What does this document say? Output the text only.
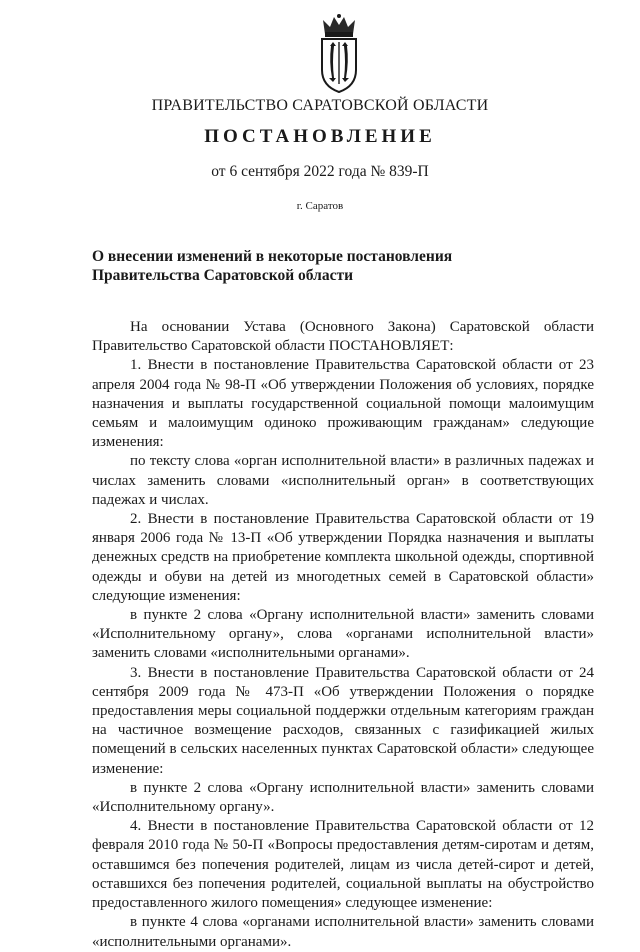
ПРАВИТЕЛЬСТВО САРАТОВСКОЙ ОБЛАСТИ
ПОСТАНОВЛЕНИЕ
от 6 сентября 2022 года № 839-П
г. Саратов
О внесении изменений в некоторые постановления
Правительства Саратовской области

На основании Устава (Основного Закона) Саратовской области Правительство Саратовской области ПОСТАНОВЛЯЕТ:

1. Внести в постановление Правительства Саратовской области от 23 апреля 2004 года № 98-П «Об утверждении Положения об условиях, порядке назначения и выплаты государственной социальной помощи малоимущим семьям и малоимущим одиноко проживающим гражданам» следующие изменения:

по тексту слова «орган исполнительной власти» в различных падежах и числах заменить словами «исполнительный орган» в соответствующих падежах и числах.

2. Внести в постановление Правительства Саратовской области от 19 января 2006 года № 13-П «Об утверждении Порядка назначения и выплаты денежных средств на приобретение комплекта школьной одежды, спортивной одежды и обуви на детей из многодетных семей в Саратовской области» следующие изменения:

в пункте 2 слова «Органу исполнительной власти» заменить словами «Исполнительному органу», слова «органами исполнительной власти» заменить словами «исполнительными органами».

3. Внести в постановление Правительства Саратовской области от 24 сентября 2009 года № 473-П «Об утверждении Положения о порядке предоставления меры социальной поддержки отдельным категориям граждан на частичное возмещение расходов, связанных с газификацией жилых помещений в сельских населенных пунктах Саратовской области» следующее изменение:

в пункте 2 слова «Органу исполнительной власти» заменить словами «Исполнительному органу».

4. Внести в постановление Правительства Саратовской области от 12 февраля 2010 года № 50-П «Вопросы предоставления детям-сиротам и детям, оставшимся без попечения родителей, лицам из числа детей-сирот и детей, оставшихся без попечения родителей, социальной выплаты на обустройство предоставленного жилого помещения» следующее изменение:

в пункте 4 слова «органами исполнительной власти» заменить словами «исполнительными органами».
